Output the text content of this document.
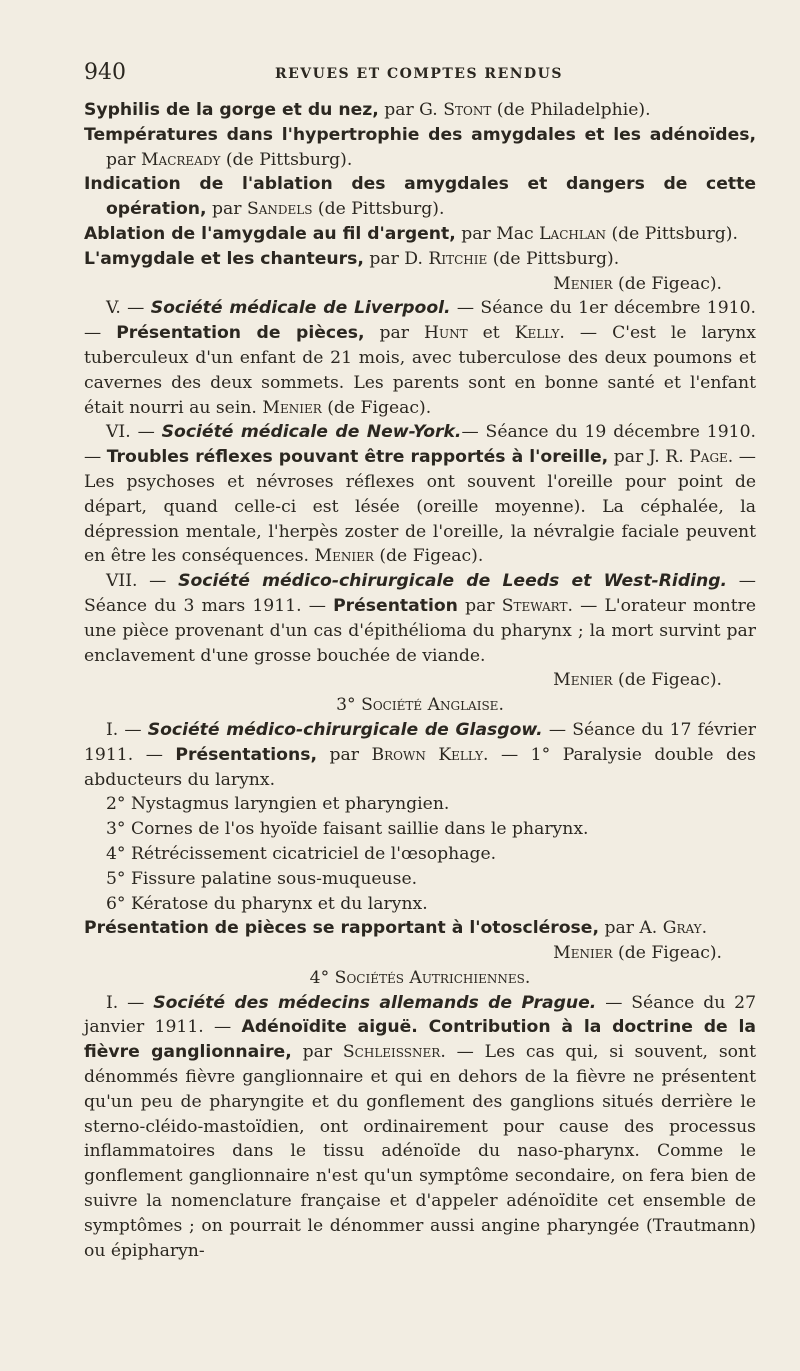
940	REVUES ET COMPTES RENDUS

Syphilis de la gorge et du nez, par G. Stont (de Philadelphie).

Températures dans l'hypertrophie des amygdales et les adénoïdes, par Macready (de Pittsburg).

Indication de l'ablation des amygdales et dangers de cette opération, par Sandels (de Pittsburg).

Ablation de l'amygdale au fil d'argent, par Mac Lachlan (de Pittsburg).

L'amygdale et les chanteurs, par D. Ritchie (de Pittsburg).

Menier (de Figeac).

V. — Société médicale de Liverpool. — Séance du 1er décembre 1910. — Présentation de pièces, par Hunt et Kelly. — C'est le larynx tuberculeux d'un enfant de 21 mois, avec tuberculose des deux poumons et cavernes des deux sommets. Les parents sont en bonne santé et l'enfant était nourri au sein. Menier (de Figeac).

VI. — Société médicale de New-York.— Séance du 19 décembre 1910. — Troubles réflexes pouvant être rapportés à l'oreille, par J. R. Page. — Les psychoses et névroses réflexes ont souvent l'oreille pour point de départ, quand celle-ci est lésée (oreille moyenne). La céphalée, la dépression mentale, l'herpès zoster de l'oreille, la névralgie faciale peuvent en être les conséquences. Menier (de Figeac).

VII. — Société médico-chirurgicale de Leeds et West-Riding. — Séance du 3 mars 1911. — Présentation par Stewart. — L'orateur montre une pièce provenant d'un cas d'épithélioma du pharynx ; la mort survint par enclavement d'une grosse bouchée de viande.

Menier (de Figeac).

3° Société Anglaise.

I. — Société médico-chirurgicale de Glasgow. — Séance du 17 février 1911. — Présentations, par Brown Kelly. — 1° Paralysie double des abducteurs du larynx.

2° Nystagmus laryngien et pharyngien.

3° Cornes de l'os hyoïde faisant saillie dans le pharynx.

4° Rétrécissement cicatriciel de l'œsophage.

5° Fissure palatine sous-muqueuse.

6° Kératose du pharynx et du larynx.

Présentation de pièces se rapportant à l'otosclérose, par A. Gray.

Menier (de Figeac).

4° Sociétés Autrichiennes.

I. — Société des médecins allemands de Prague. — Séance du 27 janvier 1911. — Adénoïdite aiguë. Contribution à la doctrine de la fièvre ganglionnaire, par Schleissner. — Les cas qui, si souvent, sont dénommés fièvre ganglionnaire et qui en dehors de la fièvre ne présentent qu'un peu de pharyngite et du gonflement des ganglions situés derrière le sterno-cléido-mastoïdien, ont ordinairement pour cause des processus inflammatoires dans le tissu adénoïde du naso-pharynx. Comme le gonflement ganglionnaire n'est qu'un symptôme secondaire, on fera bien de suivre la nomenclature française et d'appeler adénoïdite cet ensemble de symptômes ; on pourrait le dénommer aussi angine pharyngée (Trautmann) ou épipharyn-
